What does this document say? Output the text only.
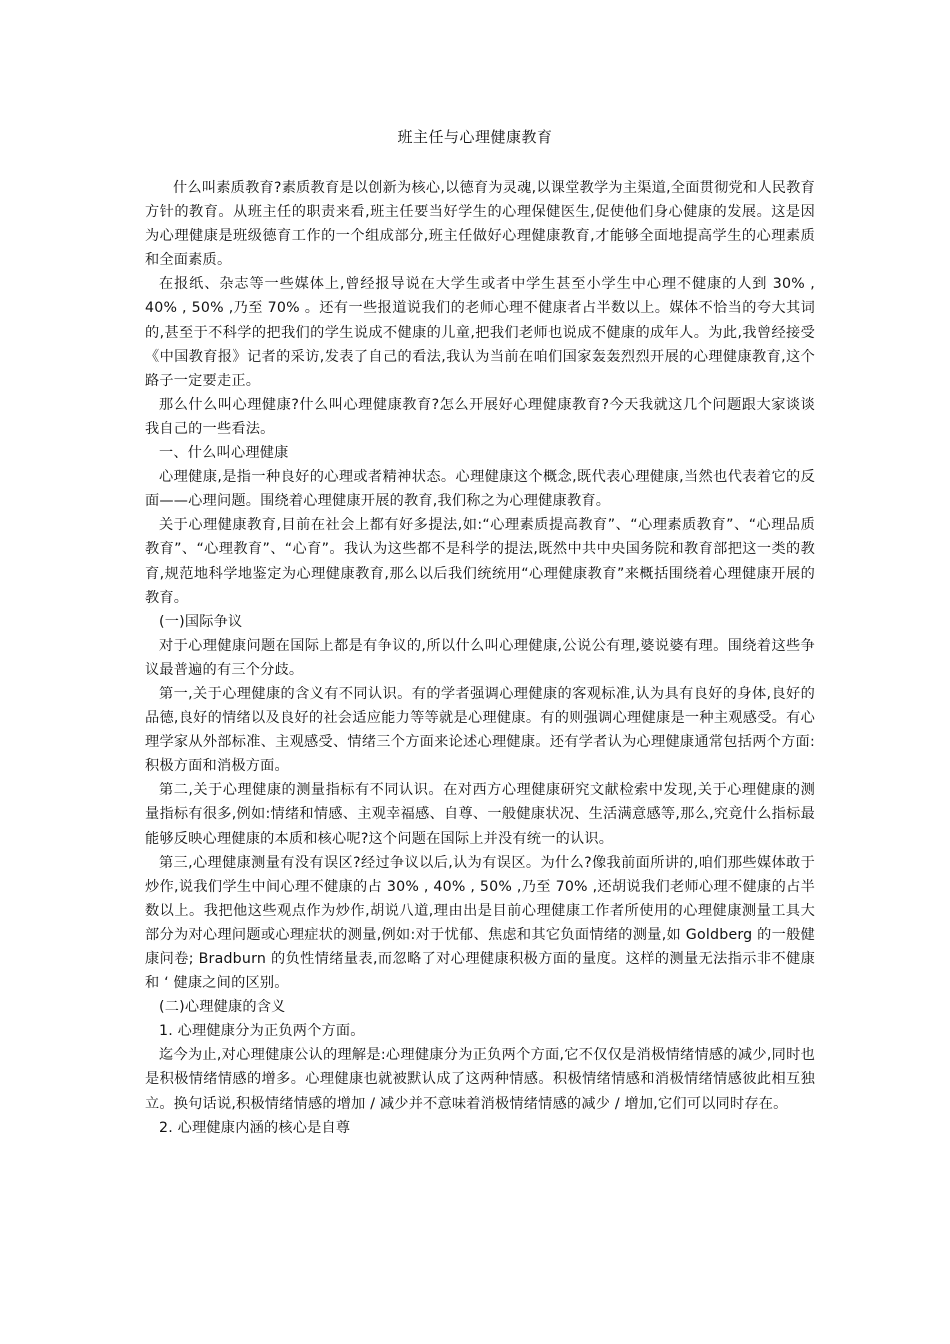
班主任与心理健康教育

什么叫素质教育?素质教育是以创新为核心,以德育为灵魂,以课堂教学为主渠道,全面贯彻党和人民教育方针的教育。从班主任的职责来看,班主任要当好学生的心理保健医生,促使他们身心健康的发展。这是因为心理健康是班级德育工作的一个组成部分,班主任做好心理健康教育,才能够全面地提高学生的心理素质和全面素质。

在报纸、杂志等一些媒体上,曾经报导说在大学生或者中学生甚至小学生中心理不健康的人到 30% , 40% , 50% ,乃至 70% 。还有一些报道说我们的老师心理不健康者占半数以上。媒体不恰当的夸大其词的,甚至于不科学的把我们的学生说成不健康的儿童,把我们老师也说成不健康的成年人。为此,我曾经接受《中国教育报》记者的采访,发表了自己的看法,我认为当前在咱们国家轰轰烈烈开展的心理健康教育,这个路子一定要走正。

那么什么叫心理健康?什么叫心理健康教育?怎么开展好心理健康教育?今天我就这几个问题跟大家谈谈我自己的一些看法。

一、什么叫心理健康

心理健康,是指一种良好的心理或者精神状态。心理健康这个概念,既代表心理健康,当然也代表着它的反面——心理问题。围绕着心理健康开展的教育,我们称之为心理健康教育。

关于心理健康教育,目前在社会上都有好多提法,如:“心理素质提高教育”、“心理素质教育”、“心理品质教育”、“心理教育”、“心育”。我认为这些都不是科学的提法,既然中共中央国务院和教育部把这一类的教育,规范地科学地鉴定为心理健康教育,那么以后我们统统用“心理健康教育”来概括围绕着心理健康开展的教育。

(一)国际争议

对于心理健康问题在国际上都是有争议的,所以什么叫心理健康,公说公有理,婆说婆有理。围绕着这些争议最普遍的有三个分歧。

第一,关于心理健康的含义有不同认识。有的学者强调心理健康的客观标准,认为具有良好的身体,良好的品德,良好的情绪以及良好的社会适应能力等等就是心理健康。有的则强调心理健康是一种主观感受。有心理学家从外部标准、主观感受、情绪三个方面来论述心理健康。还有学者认为心理健康通常包括两个方面:积极方面和消极方面。

第二,关于心理健康的测量指标有不同认识。在对西方心理健康研究文献检索中发现,关于心理健康的测量指标有很多,例如:情绪和情感、主观幸福感、自尊、一般健康状况、生活满意感等,那么,究竟什么指标最能够反映心理健康的本质和核心呢?这个问题在国际上并没有统一的认识。

第三,心理健康测量有没有误区?经过争议以后,认为有误区。为什么?像我前面所讲的,咱们那些媒体敢于炒作,说我们学生中间心理不健康的占 30% , 40% , 50% ,乃至 70% ,还胡说我们老师心理不健康的占半数以上。我把他这些观点作为炒作,胡说八道,理由出是目前心理健康工作者所使用的心理健康测量工具大部分为对心理问题或心理症状的测量,例如:对于忧郁、焦虑和其它负面情绪的测量,如 Goldberg 的一般健康问卷; Bradburn 的负性情绪量表,而忽略了对心理健康积极方面的量度。这样的测量无法指示非不健康和 ‘ 健康之间的区别。

(二)心理健康的含义

1. 心理健康分为正负两个方面。

迄今为止,对心理健康公认的理解是:心理健康分为正负两个方面,它不仅仅是消极情绪情感的减少,同时也是积极情绪情感的增多。心理健康也就被默认成了这两种情感。积极情绪情感和消极情绪情感彼此相互独立。换句话说,积极情绪情感的增加 / 减少并不意味着消极情绪情感的减少 / 增加,它们可以同时存在。

2. 心理健康内涵的核心是自尊
